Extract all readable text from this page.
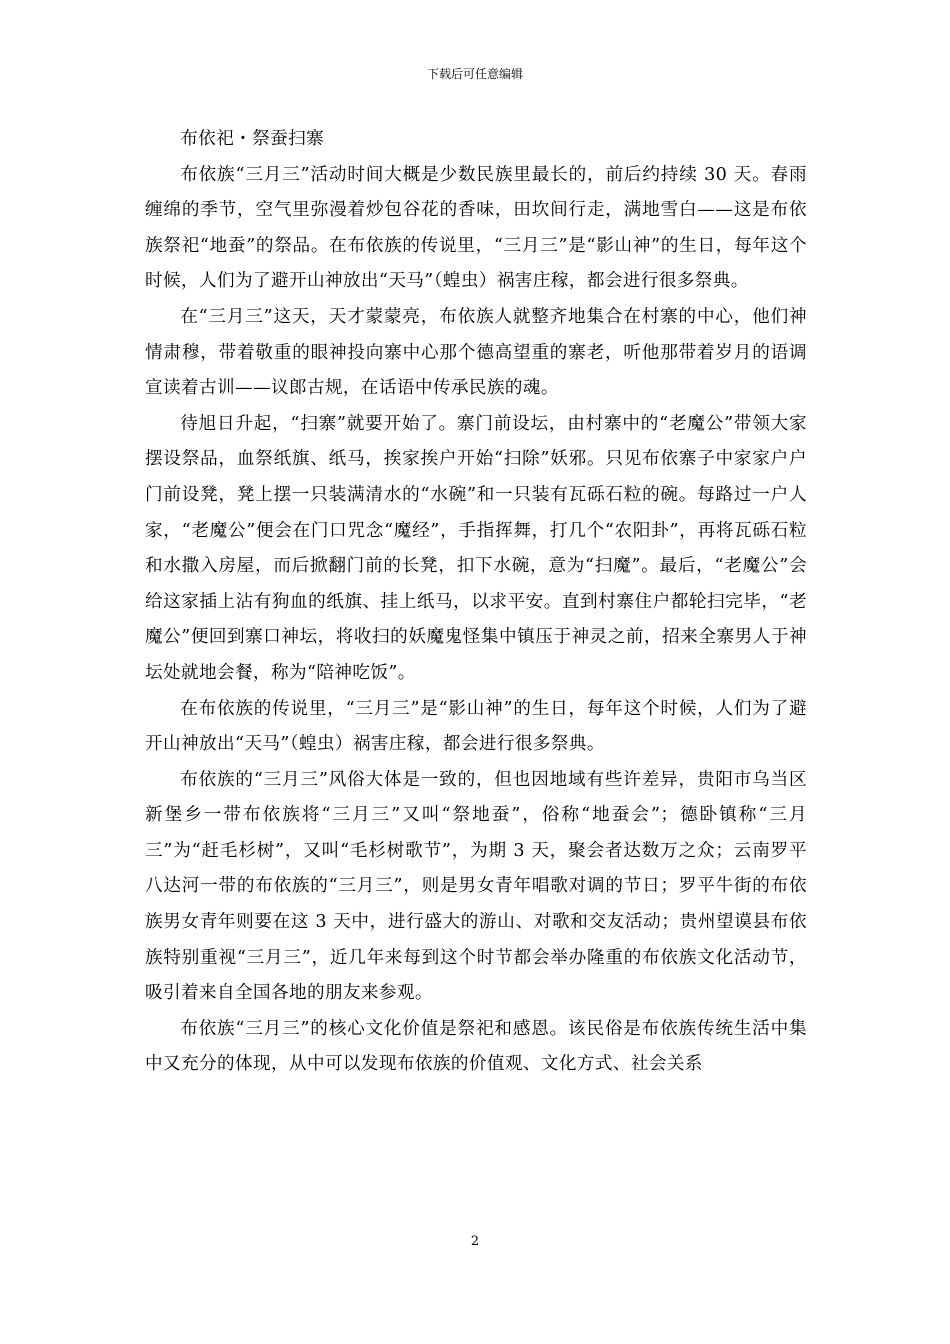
下载后可任意编辑

布依祀・祭蚕扫寨

布依族“三月三”活动时间大概是少数民族里最长的，前后约持续 30 天。春雨缠绵的季节，空气里弥漫着炒包谷花的香味，田坎间行走，满地雪白——这是布依族祭祀“地蚕”的祭品。在布依族的传说里，“三月三”是“影山神”的生日，每年这个时候，人们为了避开山神放出“天马”（蝗虫）祸害庄稼，都会进行很多祭典。

在“三月三”这天，天才蒙蒙亮，布依族人就整齐地集合在村寨的中心，他们神情肃穆，带着敬重的眼神投向寨中心那个德高望重的寨老，听他那带着岁月的语调宣读着古训——议郎古规，在话语中传承民族的魂。

待旭日升起，“扫寨”就要开始了。寨门前设坛，由村寨中的“老魔公”带领大家摆设祭品，血祭纸旗、纸马，挨家挨户开始“扫除”妖邪。只见布依寨子中家家户户门前设凳，凳上摆一只装满清水的“水碗”和一只装有瓦砾石粒的碗。每路过一户人家，“老魔公”便会在门口咒念“魔经”，手指挥舞，打几个“农阳卦”，再将瓦砾石粒和水撒入房屋，而后掀翻门前的长凳，扣下水碗，意为“扫魔”。最后，“老魔公”会给这家插上沾有狗血的纸旗、挂上纸马，以求平安。直到村寨住户都轮扫完毕，“老魔公”便回到寨口神坛，将收扫的妖魔鬼怪集中镇压于神灵之前，招来全寨男人于神坛处就地会餐，称为“陪神吃饭”。

在布依族的传说里，“三月三”是“影山神”的生日，每年这个时候，人们为了避开山神放出“天马”（蝗虫）祸害庄稼，都会进行很多祭典。

布依族的“三月三”风俗大体是一致的，但也因地域有些许差异，贵阳市乌当区新堡乡一带布依族将“三月三”又叫“祭地蚕”，俗称“地蚕会”；德卧镇称“三月三”为“赶毛杉树”，又叫“毛杉树歌节”，为期 3 天，聚会者达数万之众；云南罗平八达河一带的布依族的“三月三”，则是男女青年唱歌对调的节日；罗平牛街的布依族男女青年则要在这 3 天中，进行盛大的游山、对歌和交友活动；贵州望谟县布依族特别重视“三月三”，近几年来每到这个时节都会举办隆重的布依族文化活动节，吸引着来自全国各地的朋友来参观。

布依族“三月三”的核心文化价值是祭祀和感恩。该民俗是布依族传统生活中集中又充分的体现，从中可以发现布依族的价值观、文化方式、社会关系

2
